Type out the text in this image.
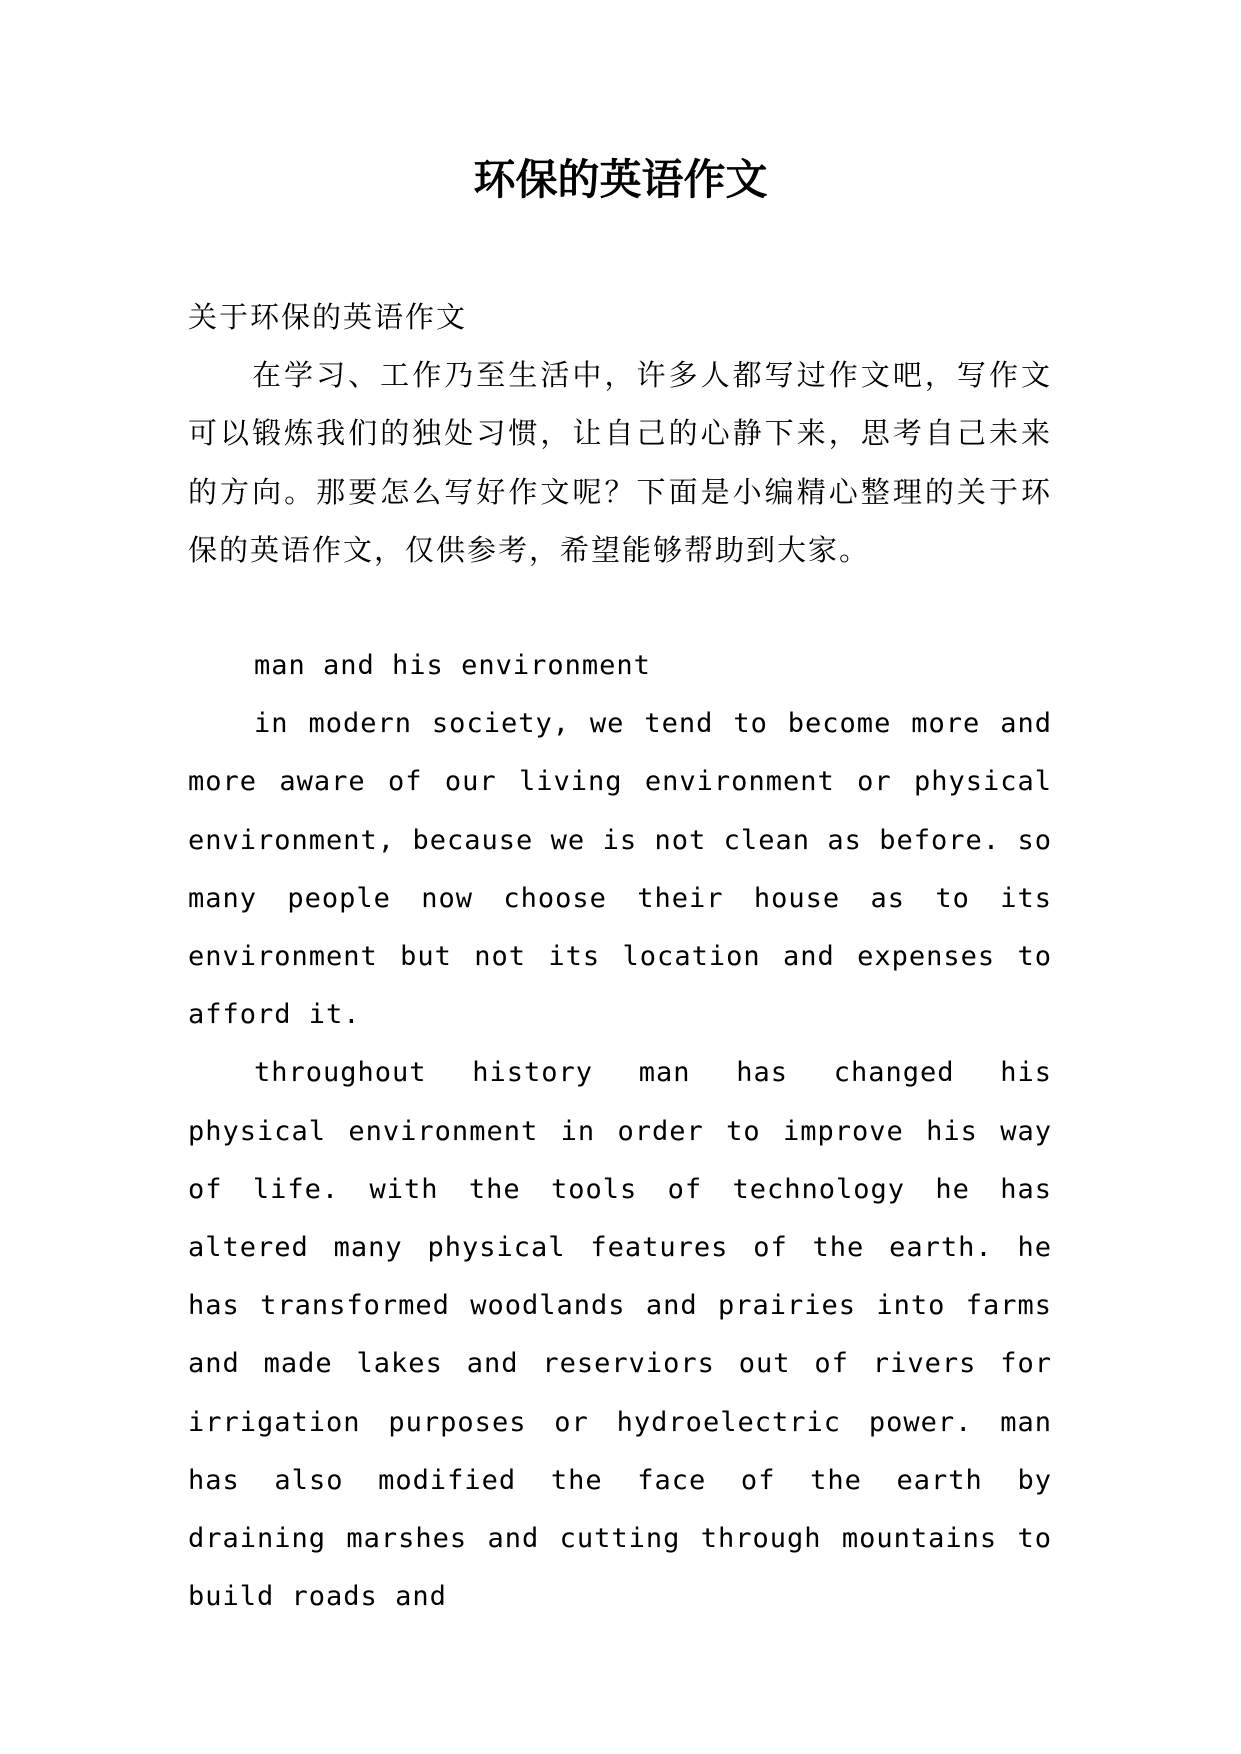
环保的英语作文

关于环保的英语作文

在学习、工作乃至生活中，许多人都写过作文吧，写作文可以锻炼我们的独处习惯，让自己的心静下来，思考自己未来的方向。那要怎么写好作文呢？下面是小编精心整理的关于环保的英语作文，仅供参考，希望能够帮助到大家。

man and his environment

in modern society, we tend to become more and more aware of our living environment or physical environment, because we is not clean as before. so many people now choose their house as to its environment but not its location and expenses to afford it.

throughout history man has changed his physical environment in order to improve his way of life. with the tools of technology he has altered many physical features of the earth. he has transformed woodlands and prairies into farms and made lakes and reserviors out of rivers for irrigation purposes or hydroelectric power. man has also modified the face of the earth by draining marshes and cutting through mountains to build roads and
